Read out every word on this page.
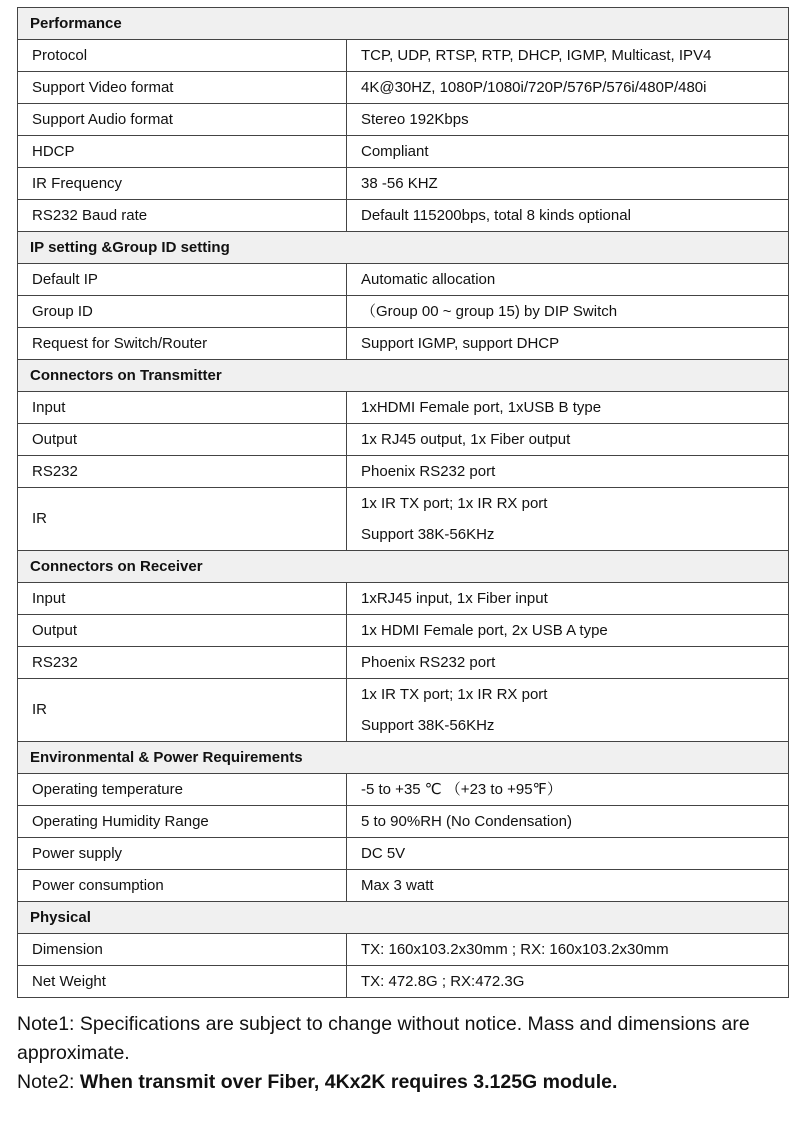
Performance	
Protocol	TCP, UDP, RTSP, RTP, DHCP, IGMP, Multicast, IPV4
Support Video format	4K@30HZ, 1080P/1080i/720P/576P/576i/480P/480i
Support Audio format	Stereo 192Kbps
HDCP	Compliant
IR Frequency	38 -56 KHZ
RS232 Baud rate	Default 115200bps, total 8 kinds optional
IP setting &Group ID setting	
Default IP	Automatic allocation
Group ID	（Group 00 ~ group 15) by DIP Switch
Request for Switch/Router	Support IGMP, support DHCP
Connectors on Transmitter	
Input	1xHDMI Female port, 1xUSB B type
Output	1x RJ45 output, 1x Fiber output
RS232	Phoenix RS232 port
IR	1x IR TX port; 1x IR RX port
Support 38K-56KHz

Connectors on Receiver	
Input	1xRJ45 input, 1x Fiber input
Output	1x HDMI Female port, 2x USB A type
RS232	Phoenix RS232 port
IR	1x IR TX port; 1x IR RX port
Support 38K-56KHz

Environmental & Power Requirements	
Operating temperature	-5 to +35 ℃ （+23 to +95℉）
Operating Humidity Range	5 to 90%RH (No Condensation)
Power supply	DC 5V
Power consumption	Max 3 watt
Physical	
Dimension	TX: 160x103.2x30mm ; RX: 160x103.2x30mm
Net Weight	TX: 472.8G ; RX:472.3G
Note1: Specifications are subject to change without notice. Mass and dimensions are approximate.
Note2: When transmit over Fiber, 4Kx2K requires 3.125G module.
